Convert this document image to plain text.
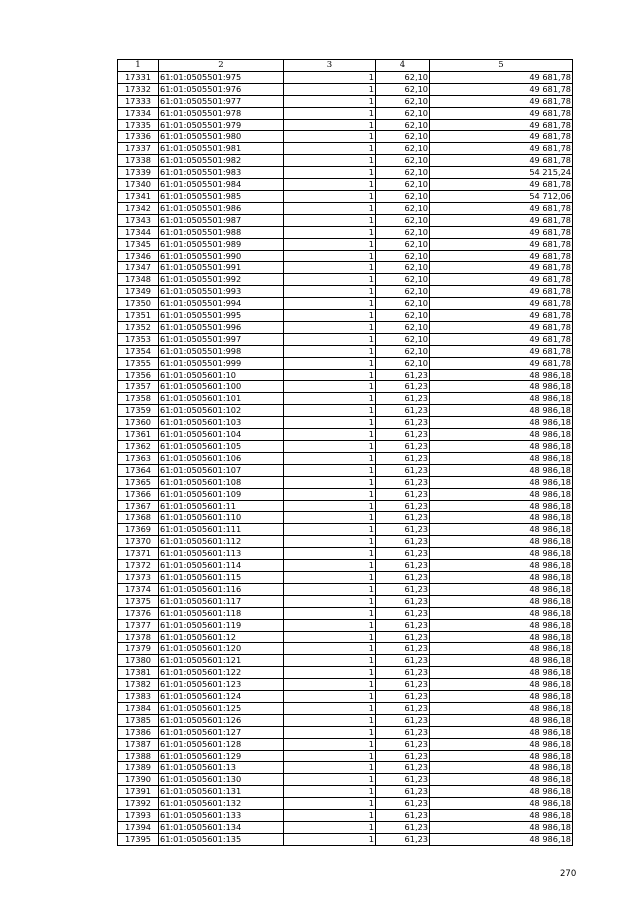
1	2	3	4	5
17331	61:01:0505501:975	1	62,10	49 681,78
17332	61:01:0505501:976	1	62,10	49 681,78
17333	61:01:0505501:977	1	62,10	49 681,78
17334	61:01:0505501:978	1	62,10	49 681,78
17335	61:01:0505501:979	1	62,10	49 681,78
17336	61:01:0505501:980	1	62,10	49 681,78
17337	61:01:0505501:981	1	62,10	49 681,78
17338	61:01:0505501:982	1	62,10	49 681,78
17339	61:01:0505501:983	1	62,10	54 215,24
17340	61:01:0505501:984	1	62,10	49 681,78
17341	61:01:0505501:985	1	62,10	54 712,06
17342	61:01:0505501:986	1	62,10	49 681,78
17343	61:01:0505501:987	1	62,10	49 681,78
17344	61:01:0505501:988	1	62,10	49 681,78
17345	61:01:0505501:989	1	62,10	49 681,78
17346	61:01:0505501:990	1	62,10	49 681,78
17347	61:01:0505501:991	1	62,10	49 681,78
17348	61:01:0505501:992	1	62,10	49 681,78
17349	61:01:0505501:993	1	62,10	49 681,78
17350	61:01:0505501:994	1	62,10	49 681,78
17351	61:01:0505501:995	1	62,10	49 681,78
17352	61:01:0505501:996	1	62,10	49 681,78
17353	61:01:0505501:997	1	62,10	49 681,78
17354	61:01:0505501:998	1	62,10	49 681,78
17355	61:01:0505501:999	1	62,10	49 681,78
17356	61:01:0505601:10	1	61,23	48 986,18
17357	61:01:0505601:100	1	61,23	48 986,18
17358	61:01:0505601:101	1	61,23	48 986,18
17359	61:01:0505601:102	1	61,23	48 986,18
17360	61:01:0505601:103	1	61,23	48 986,18
17361	61:01:0505601:104	1	61,23	48 986,18
17362	61:01:0505601:105	1	61,23	48 986,18
17363	61:01:0505601:106	1	61,23	48 986,18
17364	61:01:0505601:107	1	61,23	48 986,18
17365	61:01:0505601:108	1	61,23	48 986,18
17366	61:01:0505601:109	1	61,23	48 986,18
17367	61:01:0505601:11	1	61,23	48 986,18
17368	61:01:0505601:110	1	61,23	48 986,18
17369	61:01:0505601:111	1	61,23	48 986,18
17370	61:01:0505601:112	1	61,23	48 986,18
17371	61:01:0505601:113	1	61,23	48 986,18
17372	61:01:0505601:114	1	61,23	48 986,18
17373	61:01:0505601:115	1	61,23	48 986,18
17374	61:01:0505601:116	1	61,23	48 986,18
17375	61:01:0505601:117	1	61,23	48 986,18
17376	61:01:0505601:118	1	61,23	48 986,18
17377	61:01:0505601:119	1	61,23	48 986,18
17378	61:01:0505601:12	1	61,23	48 986,18
17379	61:01:0505601:120	1	61,23	48 986,18
17380	61:01:0505601:121	1	61,23	48 986,18
17381	61:01:0505601:122	1	61,23	48 986,18
17382	61:01:0505601:123	1	61,23	48 986,18
17383	61:01:0505601:124	1	61,23	48 986,18
17384	61:01:0505601:125	1	61,23	48 986,18
17385	61:01:0505601:126	1	61,23	48 986,18
17386	61:01:0505601:127	1	61,23	48 986,18
17387	61:01:0505601:128	1	61,23	48 986,18
17388	61:01:0505601:129	1	61,23	48 986,18
17389	61:01:0505601:13	1	61,23	48 986,18
17390	61:01:0505601:130	1	61,23	48 986,18
17391	61:01:0505601:131	1	61,23	48 986,18
17392	61:01:0505601:132	1	61,23	48 986,18
17393	61:01:0505601:133	1	61,23	48 986,18
17394	61:01:0505601:134	1	61,23	48 986,18
17395	61:01:0505601:135	1	61,23	48 986,18
270
